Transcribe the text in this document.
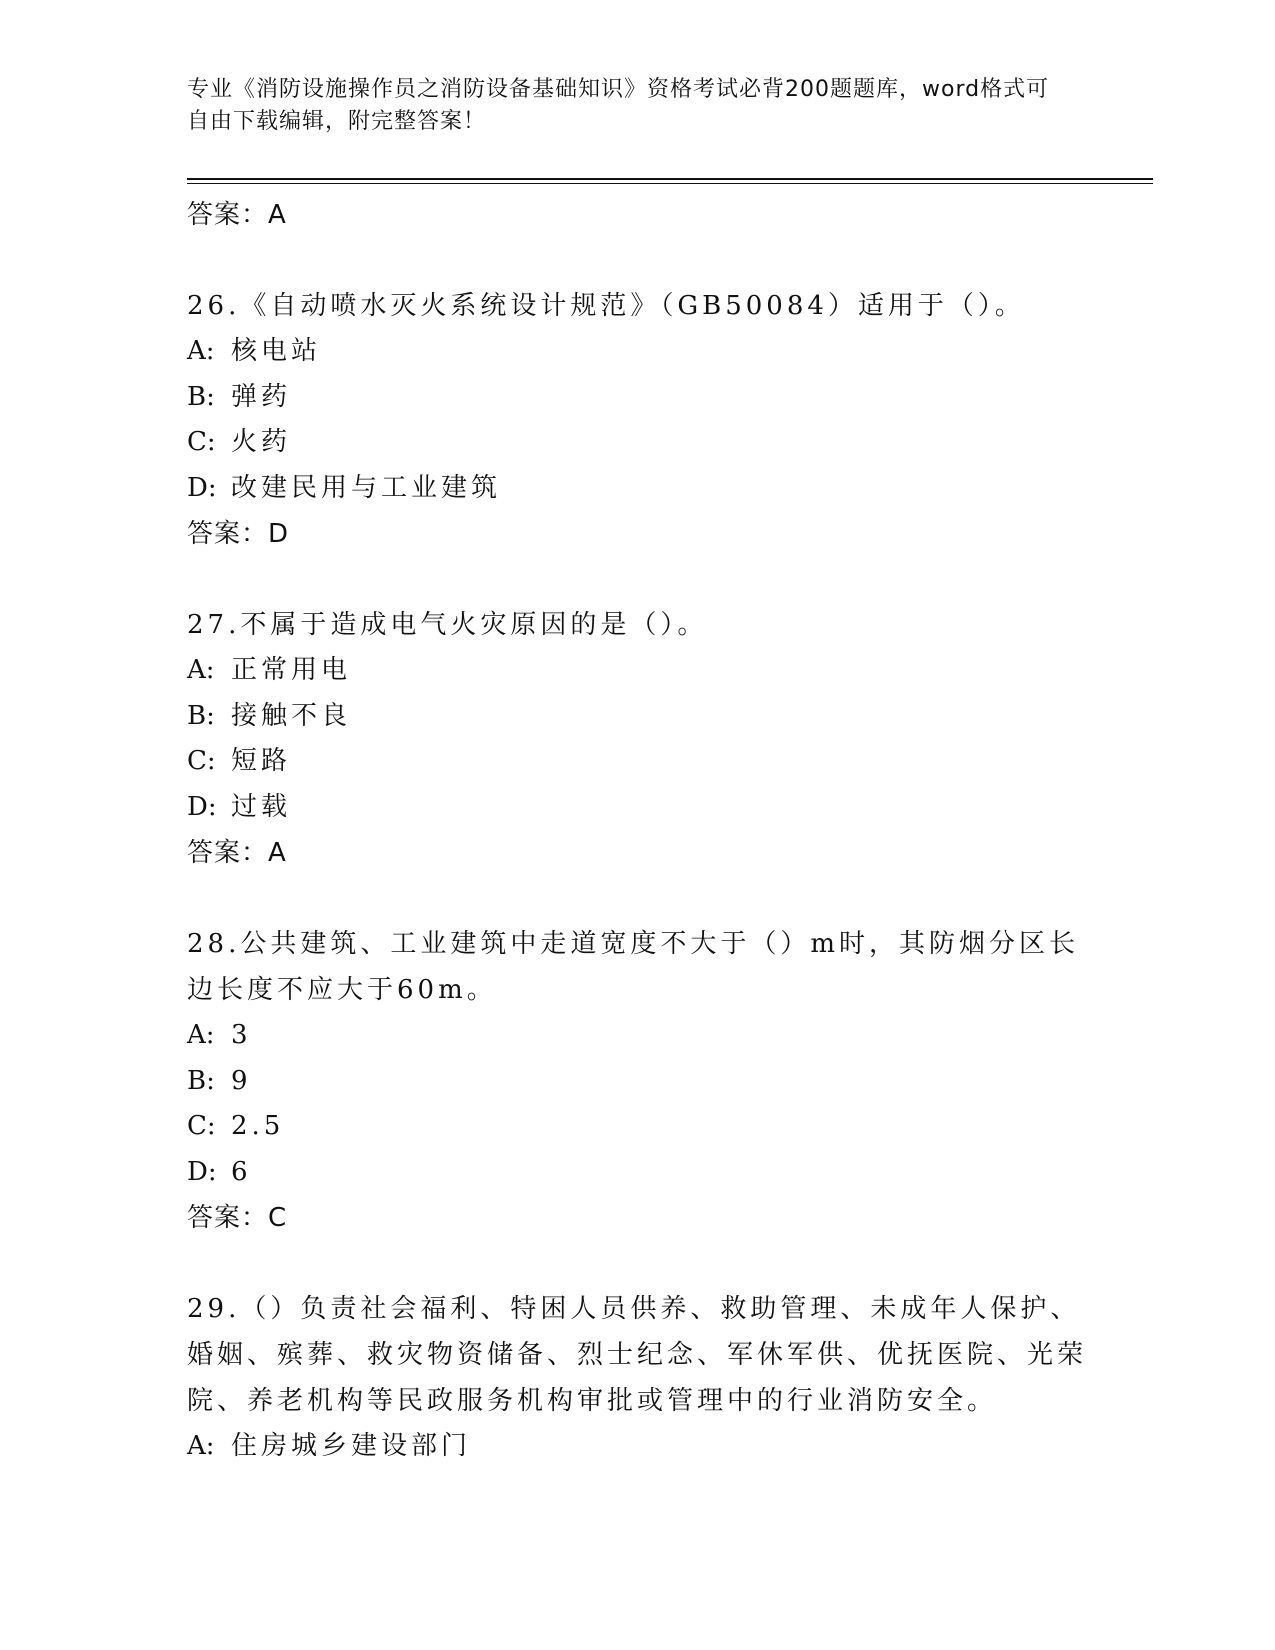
专业《消防设施操作员之消防设备基础知识》资格考试必背200题题库，word格式可自由下载编辑，附完整答案！

答案：A

26.《自动喷水灭火系统设计规范》（GB50084）适用于（）。

A: 核电站

B: 弹药

C: 火药

D: 改建民用与工业建筑

答案：D

27.不属于造成电气火灾原因的是（）。

A: 正常用电

B: 接触不良

C: 短路

D: 过载

答案：A

28.公共建筑、工业建筑中走道宽度不大于（）m时，其防烟分区长边长度不应大于60m。

A: 3

B: 9

C: 2.5

D: 6

答案：C

29.（）负责社会福利、特困人员供养、救助管理、未成年人保护、婚姻、殡葬、救灾物资储备、烈士纪念、军休军供、优抚医院、光荣院、养老机构等民政服务机构审批或管理中的行业消防安全。

A: 住房城乡建设部门
